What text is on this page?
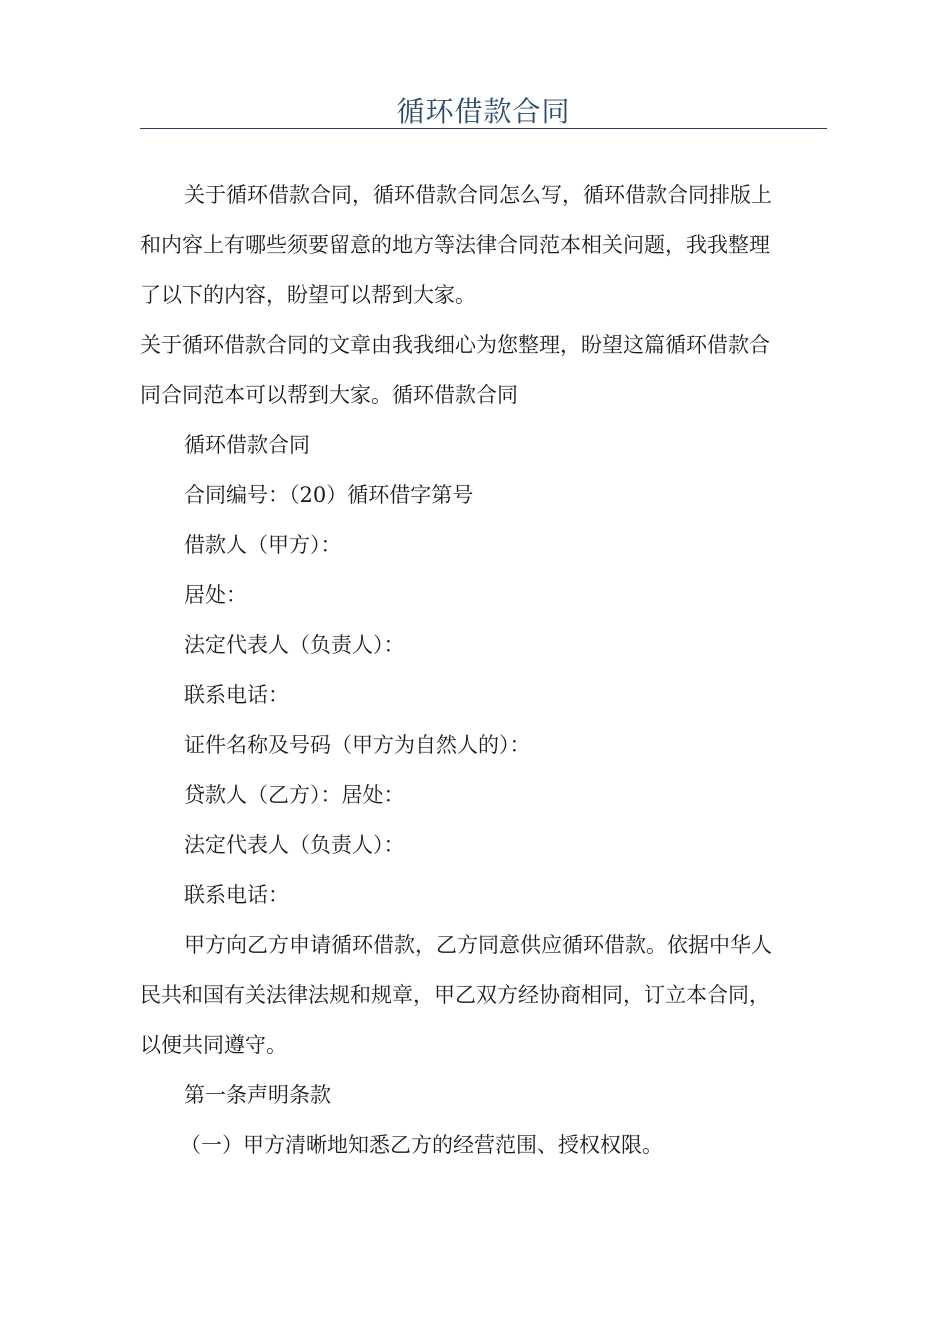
循环借款合同
关于循环借款合同，循环借款合同怎么写，循环借款合同排版上
和内容上有哪些须要留意的地方等法律合同范本相关问题，我我整理
了以下的内容，盼望可以帮到大家。
关于循环借款合同的文章由我我细心为您整理，盼望这篇循环借款合
同合同范本可以帮到大家。循环借款合同
循环借款合同
合同编号：（20）循环借字第号
借款人（甲方）：
居处：
法定代表人（负责人）：
联系电话：
证件名称及号码（甲方为自然人的）：
贷款人（乙方）：居处：
法定代表人（负责人）：
联系电话：
甲方向乙方申请循环借款，乙方同意供应循环借款。依据中华人
民共和国有关法律法规和规章，甲乙双方经协商相同，订立本合同，
以便共同遵守。
第一条声明条款
（一）甲方清晰地知悉乙方的经营范围、授权权限。
